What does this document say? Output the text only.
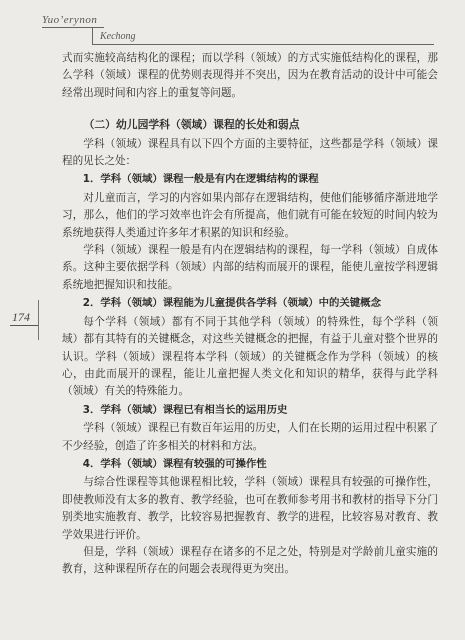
Yuo’erynon
Kechong
174

式而实施较高结构化的课程；而以学科（领域）的方式实施低结构化的课程，那么学科（领域）课程的优势则表现得并不突出，因为在教育活动的设计中可能会经常出现时间和内容上的重复等问题。

（二）幼儿园学科（领域）课程的长处和弱点

学科（领域）课程具有以下四个方面的主要特征，这些都是学科（领域）课程的见长之处：

1．学科（领域）课程一般是有内在逻辑结构的课程

对儿童而言，学习的内容如果内部存在逻辑结构，使他们能够循序渐进地学习，那么，他们的学习效率也许会有所提高，他们就有可能在较短的时间内较为系统地获得人类通过许多年才积累的知识和经验。

学科（领域）课程一般是有内在逻辑结构的课程，每一学科（领域）自成体系。这种主要依据学科（领域）内部的结构而展开的课程，能使儿童按学科逻辑系统地把握知识和技能。

2．学科（领域）课程能为儿童提供各学科（领域）中的关键概念

每个学科（领域）都有不同于其他学科（领域）的特殊性，每个学科（领域）都有其特有的关键概念，对这些关键概念的把握，有益于儿童对整个世界的认识。学科（领域）课程将本学科（领域）的关键概念作为学科（领域）的核心，由此而展开的课程，能让儿童把握人类文化和知识的精华，获得与此学科（领域）有关的特殊能力。

3．学科（领域）课程已有相当长的运用历史

学科（领域）课程已有数百年运用的历史，人们在长期的运用过程中积累了不少经验，创造了许多相关的材料和方法。

4．学科（领域）课程有较强的可操作性

与综合性课程等其他课程相比较，学科（领域）课程具有较强的可操作性，即使教师没有太多的教育、教学经验，也可在教师参考用书和教材的指导下分门别类地实施教育、教学，比较容易把握教育、教学的进程，比较容易对教育、教学效果进行评价。

但是，学科（领域）课程存在诸多的不足之处，特别是对学龄前儿童实施的教育，这种课程所存在的问题会表现得更为突出。
